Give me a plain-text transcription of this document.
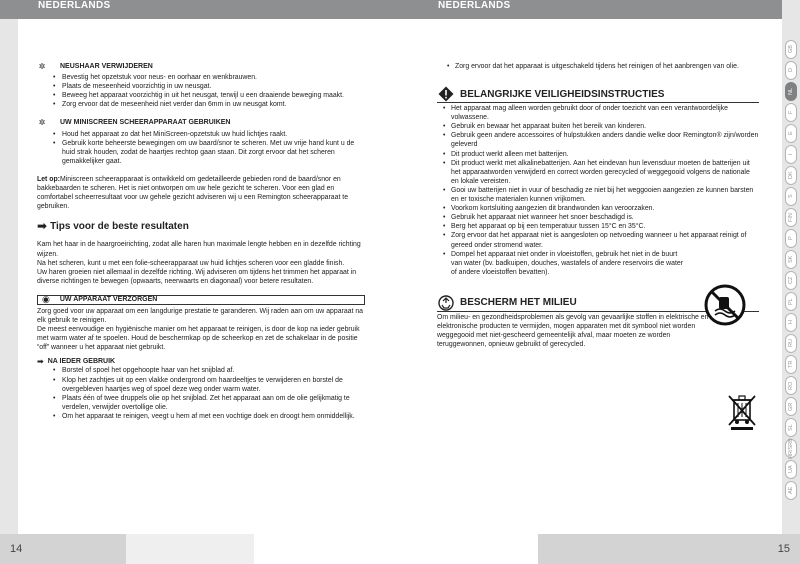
NEDERLANDS	NEDERLANDS
✲ NEUSHAAR VERWIJDEREN
• Bevestig het opzetstuk voor neus- en oorhaar en wenkbrauwen.
• Plaats de meseenheid voorzichtig in uw neusgat.
• Beweeg het apparaat voorzichtig in uit het neusgat, terwijl u een draaiende beweging maakt.
• Zorg ervoor dat de meseenheid niet verder dan 6mm in uw neusgat komt.
✲ UW MINISCREEN SCHEERAPPARAAT GEBRUIKEN
• Houd het apparaat zo dat het MiniScreen-opzetstuk uw huid lichtjes raakt.
• Gebruik korte beheerste bewegingen om uw baard/snor te scheren. Met uw vrije hand kunt u de huid strak houden, zodat de haartjes rechtop gaan staan. Dit zorgt ervoor dat het scheren gemakkelijker gaat.

Let op:Miniscreen scheerapparaat is ontwikkeld om gedetailleerde gebieden rond de baard/snor en bakkebaarden te scheren. Het is niet ontworpen om uw hele gezicht te scheren. Voor een glad en comfortabel scheerresultaat voor uw gehele gezicht adviseren wij u een Remington scheerapparaat te gebruiken.

➡ Tips voor de beste resultaten

Kam het haar in de haargroeirichting, zodat alle haren hun maximale lengte hebben en in dezelfde richting wijzen.

Na het scheren, kunt u met een folie-scheerapparaat uw huid lichtjes scheren voor een gladde finish.

Uw haren groeien niet allemaal in dezelfde richting. Wij adviseren om tijdens het trimmen het apparaat in diverse richtingen te bewegen (opwaarts, neerwaarts en diagonaal) voor betere resultaten.

◉ UW APPARAAT VERZORGEN

Zorg goed voor uw apparaat om een langdurige prestatie te garanderen. Wij raden aan om uw apparaat na elk gebruik te reinigen.

De meest eenvoudige en hygiënische manier om het apparaat te reinigen, is door de kop na ieder gebruik met warm water af te spoelen. Houd de beschermkap op de scheerkop en zet de schakelaar in de positie “off” wanneer u het apparaat niet gebruikt.

➡ NA IEDER GEBRUIK
• Borstel of spoel het opgehoopte haar van het snijblad af.
• Klop het zachtjes uit op een vlakke ondergrond om haardeeltjes te verwijderen en borstel de overgebleven haartjes weg of spoel deze weg onder warm water.
• Plaats één of twee druppels olie op het snijblad. Zet het apparaat aan om de olie gelijkmatig te verdelen, verwijder overtollige olie.
• Om het apparaat te reinigen, veegt u hem af met een vochtige doek en droogt hem onmiddellijk.
• Zorg ervoor dat het apparaat is uitgeschakeld tijdens het reinigen of het aanbrengen van olie.
BELANGRIJKE VEILIGHEIDSINSTRUCTIES
• Het apparaat mag alleen worden gebruikt door of onder toezicht van een verantwoordelijke volwassene.
• Gebruik en bewaar het apparaat buiten het bereik van kinderen.
• Gebruik geen andere accessoires of hulpstukken anders dandie welke door Remington® zijn/worden geleverd
• Dit product werkt alleen met batterijen.
• Dit product werkt met alkalinebatterijen. Aan het eindevan hun levensduur moeten de batterijen uit het apparaatworden verwijderd en correct worden gerecycled of weggegooid volgens de nationale en lokale vereisten.
• Gooi uw batterijen niet in vuur of beschadig ze niet bij het weggooien aangezien ze kunnen barsten en er toxische materialen kunnen vrijkomen.
• Voorkom kortsluiting aangezien dit brandwonden kan veroorzaken.
• Gebruik het apparaat niet wanneer het snoer beschadigd is.
• Berg het apparaat op bij een temperatuur tussen 15°C en 35°C.
• Zorg ervoor dat het apparaat niet is aangesloten op netvoeding wanneer u het apparaat reinigt of gereed onder stromend water.
• Dompel het apparaat niet onder in vloeistoffen, gebruik het niet in de buurt van water (bv. badkuipen, douches, wastafels of andere reservoirs die water of andere vloeistoffen bevatten).
BESCHERM HET MILIEU

Om milieu- en gezondheidsproblemen als gevolg van gevaarlijke stoffen in elektrische en elektronische producten te vermijden, mogen apparaten met dit symbool niet worden weggegooid met niet-gescheerd gemeentelijk afval, maar moeten ze worden teruggewonnen, opnieuw gebruikt of gerecycled.

GB
D
NL
F
E
I
DK
S
FIN
P
SK
CZ
PL
H
RU
TR
RO
GR
SL
HR/SRB
UA
AE
14	15
